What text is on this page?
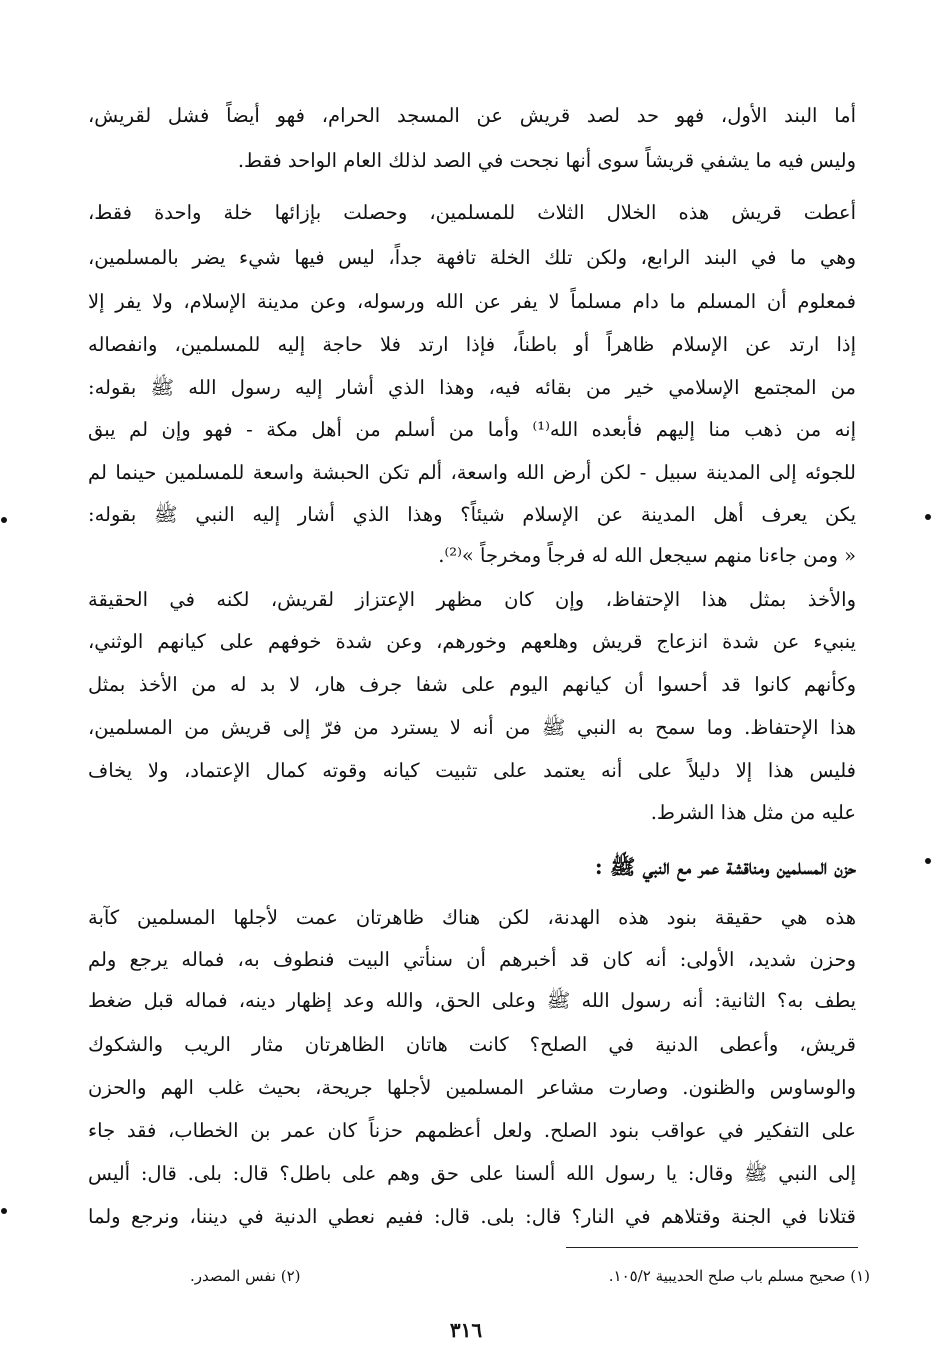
أما البند الأول، فهو حد لصد قريش عن المسجد الحرام، فهو أيضاً فشل لقريش،
وليس فيه ما يشفي قريشاً سوى أنها نجحت في الصد لذلك العام الواحد فقط.
أعطت قريش هذه الخلال الثلاث للمسلمين، وحصلت بإزائها خلة واحدة فقط،
وهي ما في البند الرابع، ولكن تلك الخلة تافهة جداً، ليس فيها شيء يضر بالمسلمين،
فمعلوم أن المسلم ما دام مسلماً لا يفر عن الله ورسوله، وعن مدينة الإسلام، ولا يفر إلا
إذا ارتد عن الإسلام ظاهراً أو باطناً، فإذا ارتد فلا حاجة إليه للمسلمين، وانفصاله
من المجتمع الإسلامي خير من بقائه فيه، وهذا الذي أشار إليه رسول الله ﷺ بقوله:
إنه من ذهب منا إليهم فأبعده الله⁽¹⁾ وأما من أسلم من أهل مكة - فهو وإن لم يبق
للجوئه إلى المدينة سبيل - لكن أرض الله واسعة، ألم تكن الحبشة واسعة للمسلمين حينما لم
يكن يعرف أهل المدينة عن الإسلام شيئاً؟ وهذا الذي أشار إليه النبي ﷺ بقوله:
« ومن جاءنا منهم سيجعل الله له فرجاً ومخرجاً »⁽²⁾.
والأخذ بمثل هذا الإحتفاظ، وإن كان مظهر الإعتزاز لقريش، لكنه في الحقيقة
ينبيء عن شدة انزعاج قريش وهلعهم وخورهم، وعن شدة خوفهم على كيانهم الوثني،
وكأنهم كانوا قد أحسوا أن كيانهم اليوم على شفا جرف هار، لا بد له من الأخذ بمثل
هذا الإحتفاظ. وما سمح به النبي ﷺ من أنه لا يسترد من فرّ إلى قريش من المسلمين،
فليس هذا إلا دليلاً على أنه يعتمد على تثبيت كيانه وقوته كمال الإعتماد، ولا يخاف
عليه من مثل هذا الشرط.
حزن المسلمين ومناقشة عمر مع النبي ﷺ :
هذه هي حقيقة بنود هذه الهدنة، لكن هناك ظاهرتان عمت لأجلها المسلمين كآبة
وحزن شديد، الأولى: أنه كان قد أخبرهم أن سنأتي البيت فنطوف به، فماله يرجع ولم
يطف به؟ الثانية: أنه رسول الله ﷺ وعلى الحق، والله وعد إظهار دينه، فماله قبل ضغط
قريش، وأعطى الدنية في الصلح؟ كانت هاتان الظاهرتان مثار الريب والشكوك
والوساوس والظنون. وصارت مشاعر المسلمين لأجلها جريحة، بحيث غلب الهم والحزن
على التفكير في عواقب بنود الصلح. ولعل أعظمهم حزناً كان عمر بن الخطاب، فقد جاء
إلى النبي ﷺ وقال: يا رسول الله ألسنا على حق وهم على باطل؟ قال: بلى. قال: أليس
قتلانا في الجنة وقتلاهم في النار؟ قال: بلى. قال: ففيم نعطي الدنية في ديننا، ونرجع ولما
(١) صحيح مسلم باب صلح الحديبية ١٠٥/٢.
(٢) نفس المصدر.
٣١٦
